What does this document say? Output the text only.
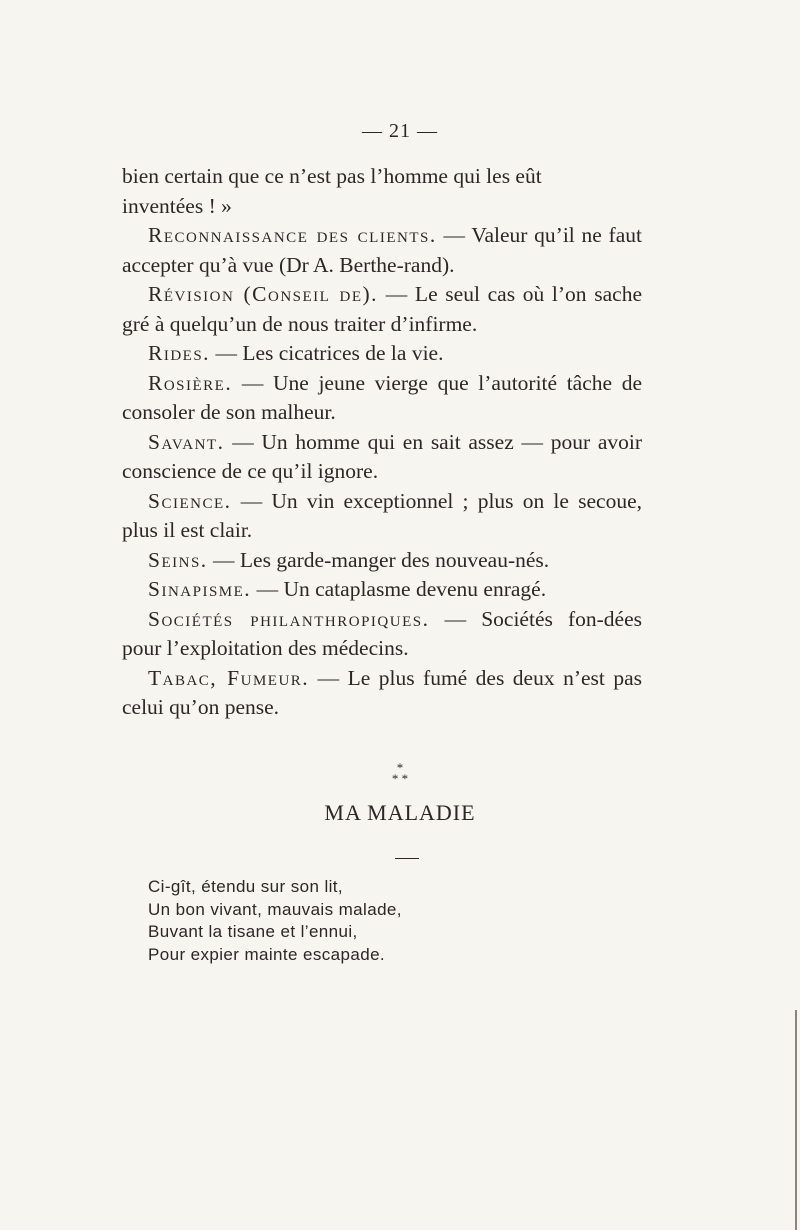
— 21 —

bien certain que ce n’est pas l’homme qui les eût
inventées ! »

Reconnaissance des clients. — Valeur qu’il ne faut accepter qu’à vue (Dr A. Berthe-rand).

Révision (Conseil de). — Le seul cas où l’on sache gré à quelqu’un de nous traiter d’infirme.

Rides. — Les cicatrices de la vie.

Rosière. — Une jeune vierge que l’autorité tâche de consoler de son malheur.

Savant. — Un homme qui en sait assez — pour avoir conscience de ce qu’il ignore.

Science. — Un vin exceptionnel ; plus on le secoue, plus il est clair.

Seins. — Les garde-manger des nouveau-nés.

Sinapisme. — Un cataplasme devenu enragé.

Sociétés philanthropiques. — Sociétés fon-dées pour l’exploitation des médecins.

Tabac, Fumeur. — Le plus fumé des deux n’est pas celui qu’on pense.

*
* *
MA MALADIE
Ci-gît, étendu sur son lit,
Un bon vivant, mauvais malade,
Buvant la tisane et l’ennui,
Pour expier mainte escapade.
